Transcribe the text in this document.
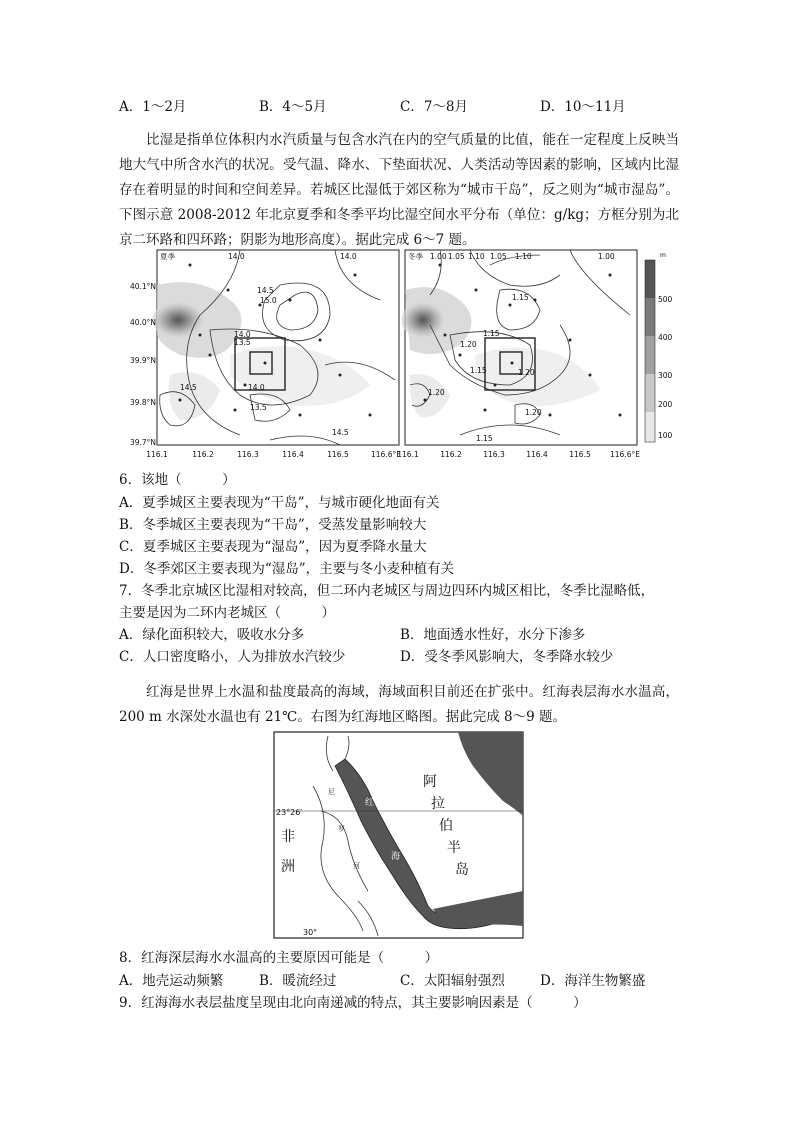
A．1～2月	B．4～5月	C．7～8月	D．10～11月
比湿是指单位体积内水汽质量与包含水汽在内的空气质量的比值，能在一定程度上反映当地大气中所含水汽的状况。受气温、降水、下垫面状况、人类活动等因素的影响，区域内比湿存在着明显的时间和空间差异。若城区比湿低于郊区称为“城市干岛”，反之则为“城市湿岛”。下图示意 2008-2012 年北京夏季和冬季平均比湿空间水平分布（单位：g/kg；方框分别为北京二环路和四环路；阴影为地形高度）。据此完成 6～7 题。
夏季	14.0	14.0
14.5
15.0
14.0
13.5
14.5	14.0
13.5
14.5
冬季 1.00 1.05 1.10 1.05 1.10	1.00
1.15
1.15
1.20
1.15	1.20
1.20
1.20
1.15
40.1°N
40.0°N
39.9°N
39.8°N
39.7°N
116.1	116.2	116.3	116.4	116.5	116.6°E
116.1	116.2	116.3	116.4	116.5	116.6°E
m
500
400
300
200
100
6．该地（　　　）
A．夏季城区主要表现为“干岛”，与城市硬化地面有关
B．冬季城区主要表现为“干岛”，受蒸发量影响较大
C．夏季城区主要表现为“湿岛”，因为夏季降水量大
D．冬季郊区主要表现为“湿岛”，主要与冬小麦种植有关
7．冬季北京城区比湿相对较高，但二环内老城区与周边四环内城区相比，冬季比湿略低，
主要是因为二环内老城区（　　　）
A．绿化面积较大，吸收水分多	B．地面透水性好，水分下渗多
C．人口密度略小，人为排放水汽较少	D．受冬季风影响大，冬季降水较少
红海是世界上水温和盐度最高的海域，海域面积目前还在扩张中。红海表层海水水温高，200 m 水深处水温也有 21℃。右图为红海地区略图。据此完成 8～9 题。
23°26′
30°
非
洲
阿
拉
伯
半
岛
红
海
尼
罗
河
8．红海深层海水水温高的主要原因可能是（　　　）
A．地壳运动频繁	B．暖流经过	C．太阳辐射强烈	D．海洋生物繁盛
9．红海海水表层盐度呈现由北向南递减的特点，其主要影响因素是（　　　）
